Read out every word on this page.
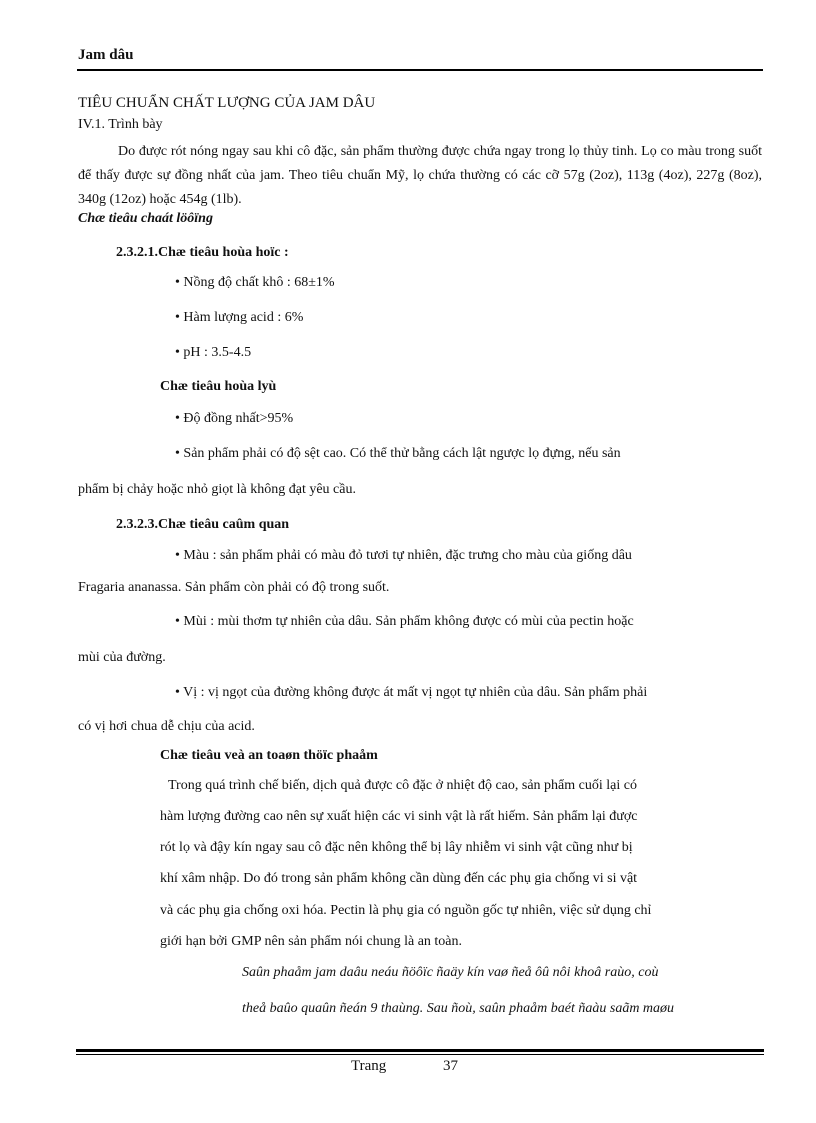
Jam dâu
TIÊU CHUẨN CHẤT LƯỢNG CỦA JAM DÂU
IV.1. Trình bày
Do được rót nóng ngay sau khi cô đặc, sản phẩm thường được chứa ngay trong lọ thủy tinh. Lọ co màu trong suốt để thấy được sự đồng nhất của jam. Theo tiêu chuẩn Mỹ, lọ chứa thường có các cỡ 57g (2oz), 113g (4oz), 227g (8oz), 340g (12oz) hoặc 454g (1lb).
Chæ tieâu chaát löôïng
2.3.2.1.Chæ tieâu hoùa hoïc :
• Nồng độ chất khô : 68±1%
• Hàm lượng acid : 6%
• pH : 3.5-4.5
Chæ tieâu hoùa lyù
• Độ đồng nhất>95%
• Sản phẩm phải có độ sệt cao. Có thể thử bằng cách lật ngược lọ đựng, nếu sản
phẩm bị chảy hoặc nhỏ giọt là không đạt yêu cầu.
2.3.2.3.Chæ tieâu caûm quan
• Màu : sản phẩm phải có màu đỏ tươi tự nhiên, đặc trưng cho màu của giống dâu
Fragaria ananassa. Sản phẩm còn phải có độ trong suốt.
• Mùi : mùi thơm tự nhiên của dâu. Sản phẩm không được có mùi của pectin hoặc
mùi của đường.
• Vị : vị ngọt của đường không được át mất vị ngọt tự nhiên của dâu. Sản phẩm phải
có vị hơi chua dễ chịu của acid.
Chæ tieâu veà an toaøn thöïc phaåm
Trong quá trình chế biến, dịch quả được cô đặc ở nhiệt độ cao, sản phẩm cuối lại có
hàm lượng đường cao nên sự xuất hiện các vi sinh vật là rất hiếm. Sản phẩm lại được
rót lọ và đậy kín ngay sau cô đặc nên không thể bị lây nhiễm vi sinh vật cũng như bị
khí xâm nhập. Do đó trong sản phẩm không cần dùng đến các phụ gia chống vi si vật
và các phụ gia chống oxi hóa. Pectin là phụ gia có nguồn gốc tự nhiên, việc sử dụng chỉ
giới hạn bởi GMP nên sản phẩm nói chung là an toàn.
Saûn phaåm jam daâu neáu ñöôïc ñaäy kín vaø ñeå ôû nôi khoâ raùo, coù
theå baûo quaûn ñeán 9 thaùng. Sau ñoù, saûn phaåm baét ñaàu saãm maøu
Trang	37
